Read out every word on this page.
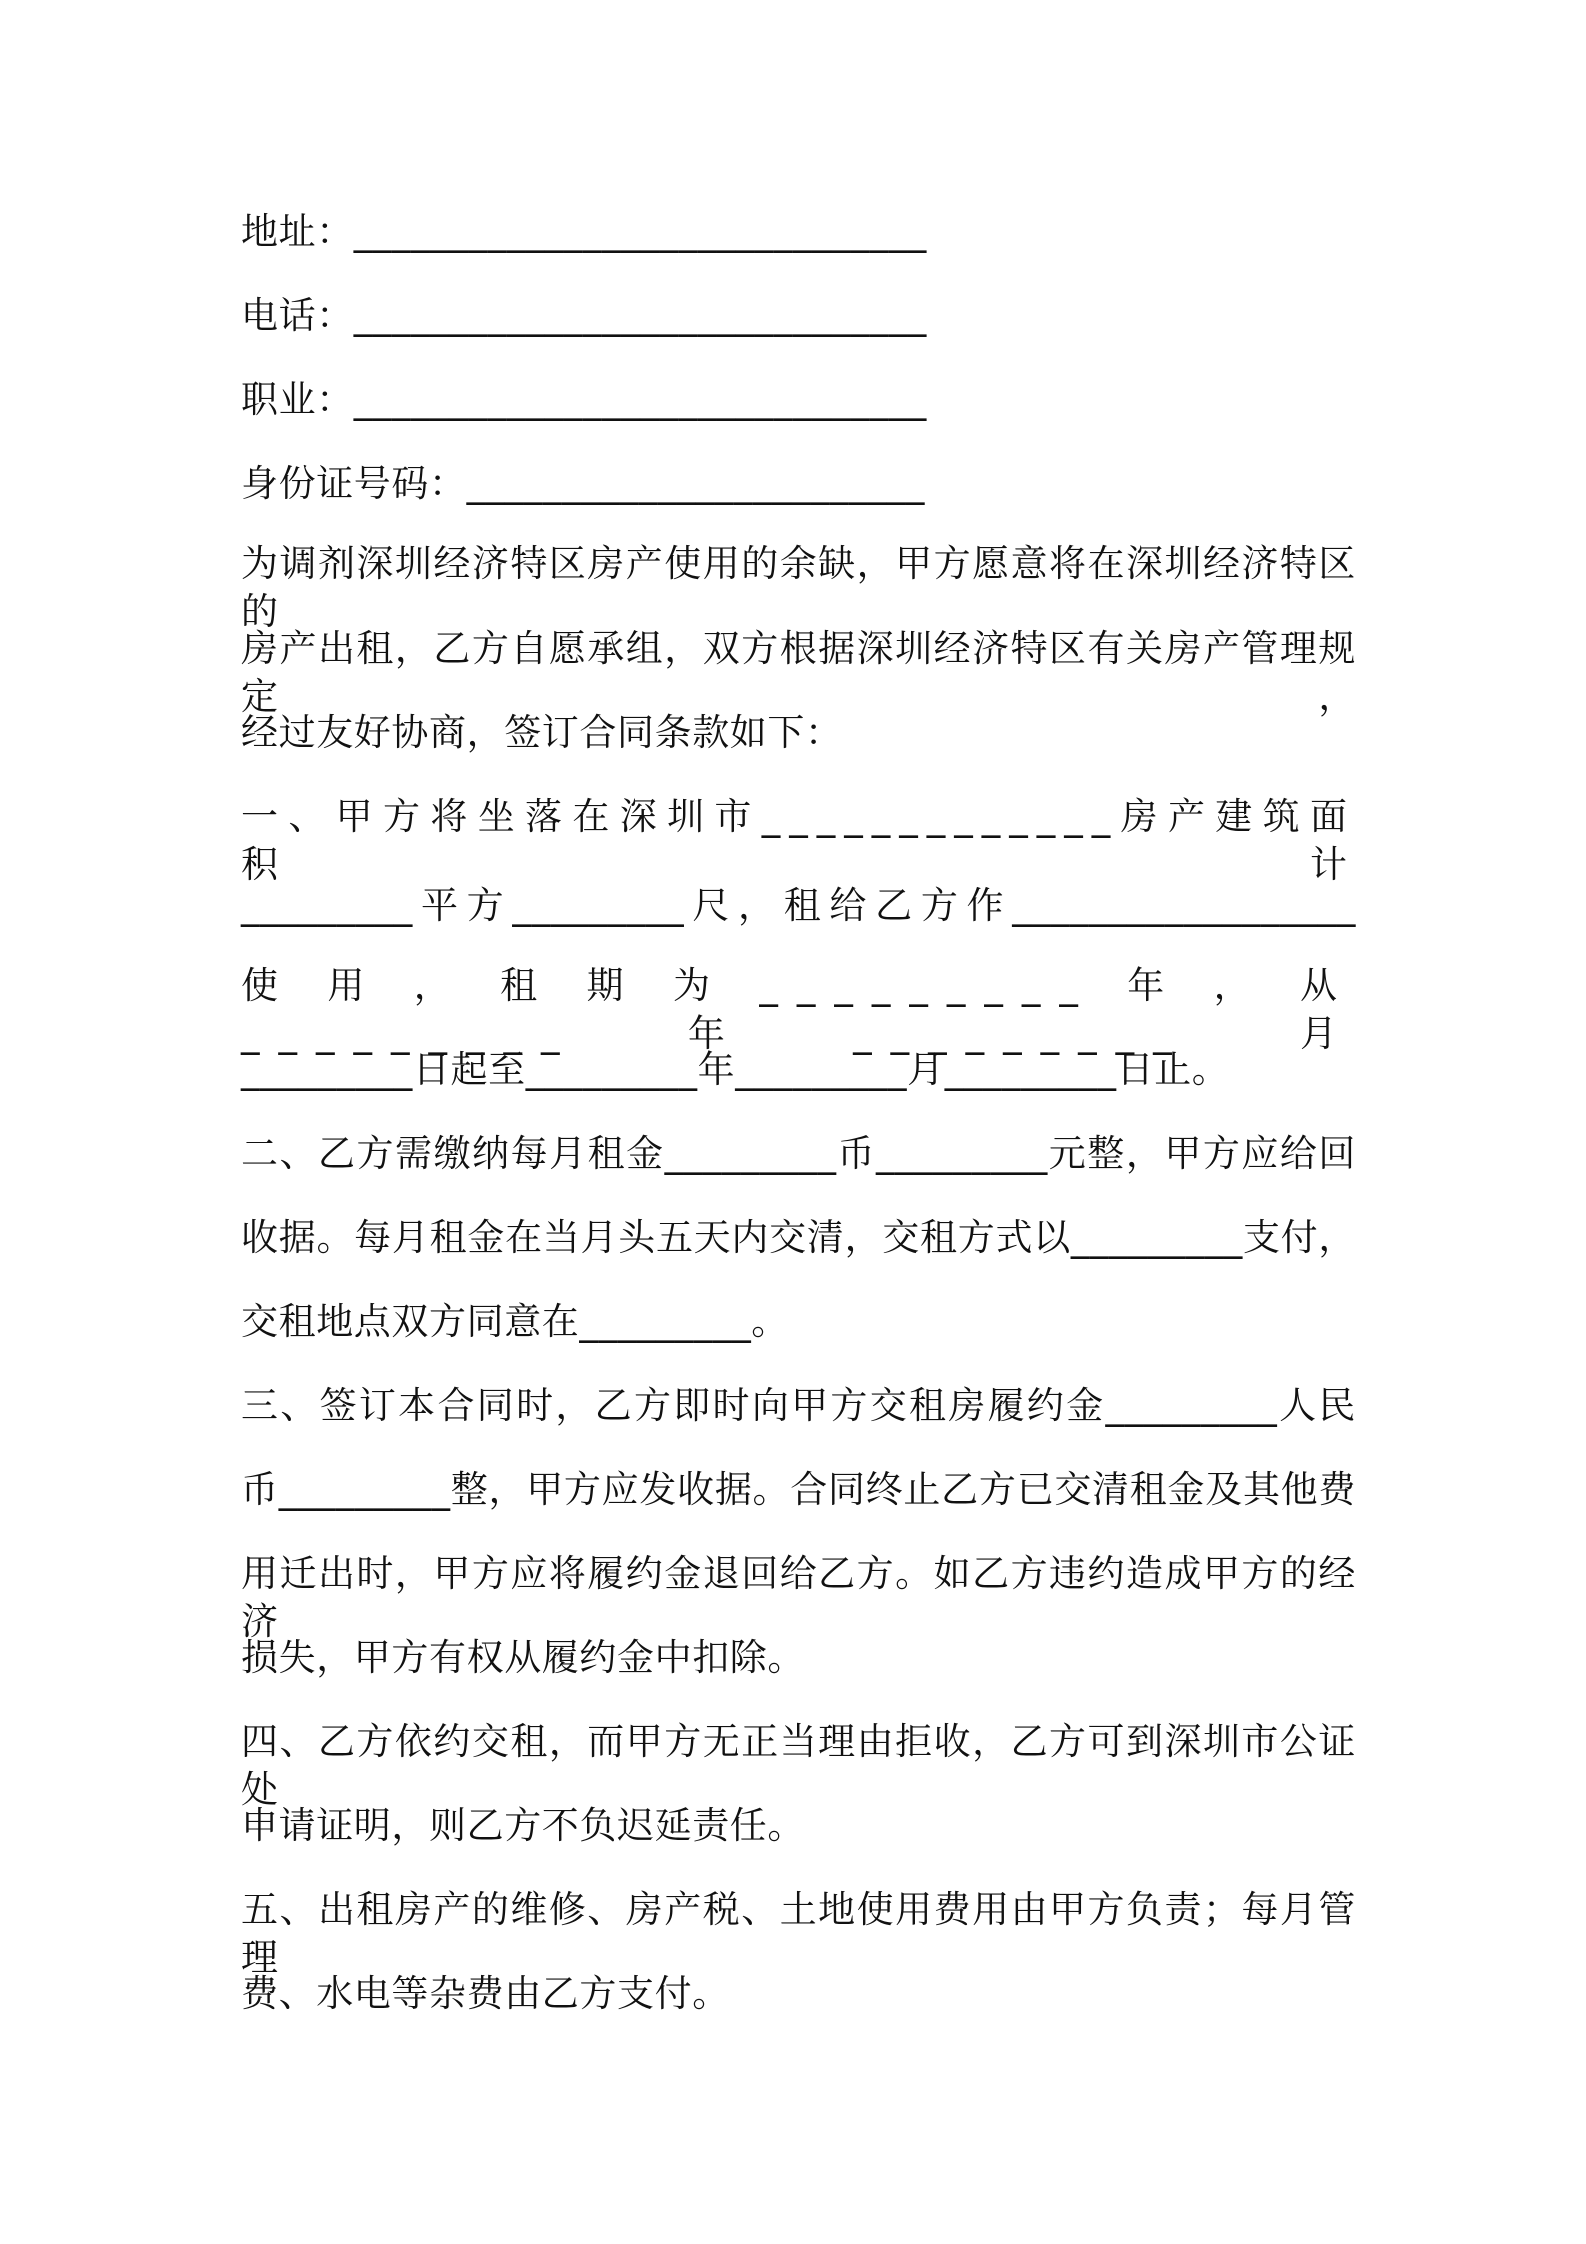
地址：______________________________
电话：______________________________
职业：______________________________
身份证号码：________________________
为调剂深圳经济特区房产使用的余缺，甲方愿意将在深圳经济特区的
房产出租，乙方自愿承组，双方根据深圳经济特区有关房产管理规定，
经过友好协商，签订合同条款如下：
一、甲方将坐落在深圳市_____________房产建筑面积计
_________平方_________尺，租给乙方作__________________
使用，租期为_________年，从_________年_________月
_________日起至_________年_________月_________日止。
二、乙方需缴纳每月租金_________币_________元整，甲方应给回
收据。每月租金在当月头五天内交清，交租方式以_________支付，
交租地点双方同意在_________。
三、签订本合同时，乙方即时向甲方交租房履约金_________人民
币_________整，甲方应发收据。合同终止乙方已交清租金及其他费
用迁出时，甲方应将履约金退回给乙方。如乙方违约造成甲方的经济
损失，甲方有权从履约金中扣除。
四、乙方依约交租，而甲方无正当理由拒收，乙方可到深圳市公证处
申请证明，则乙方不负迟延责任。
五、出租房产的维修、房产税、土地使用费用由甲方负责；每月管理
费、水电等杂费由乙方支付。
